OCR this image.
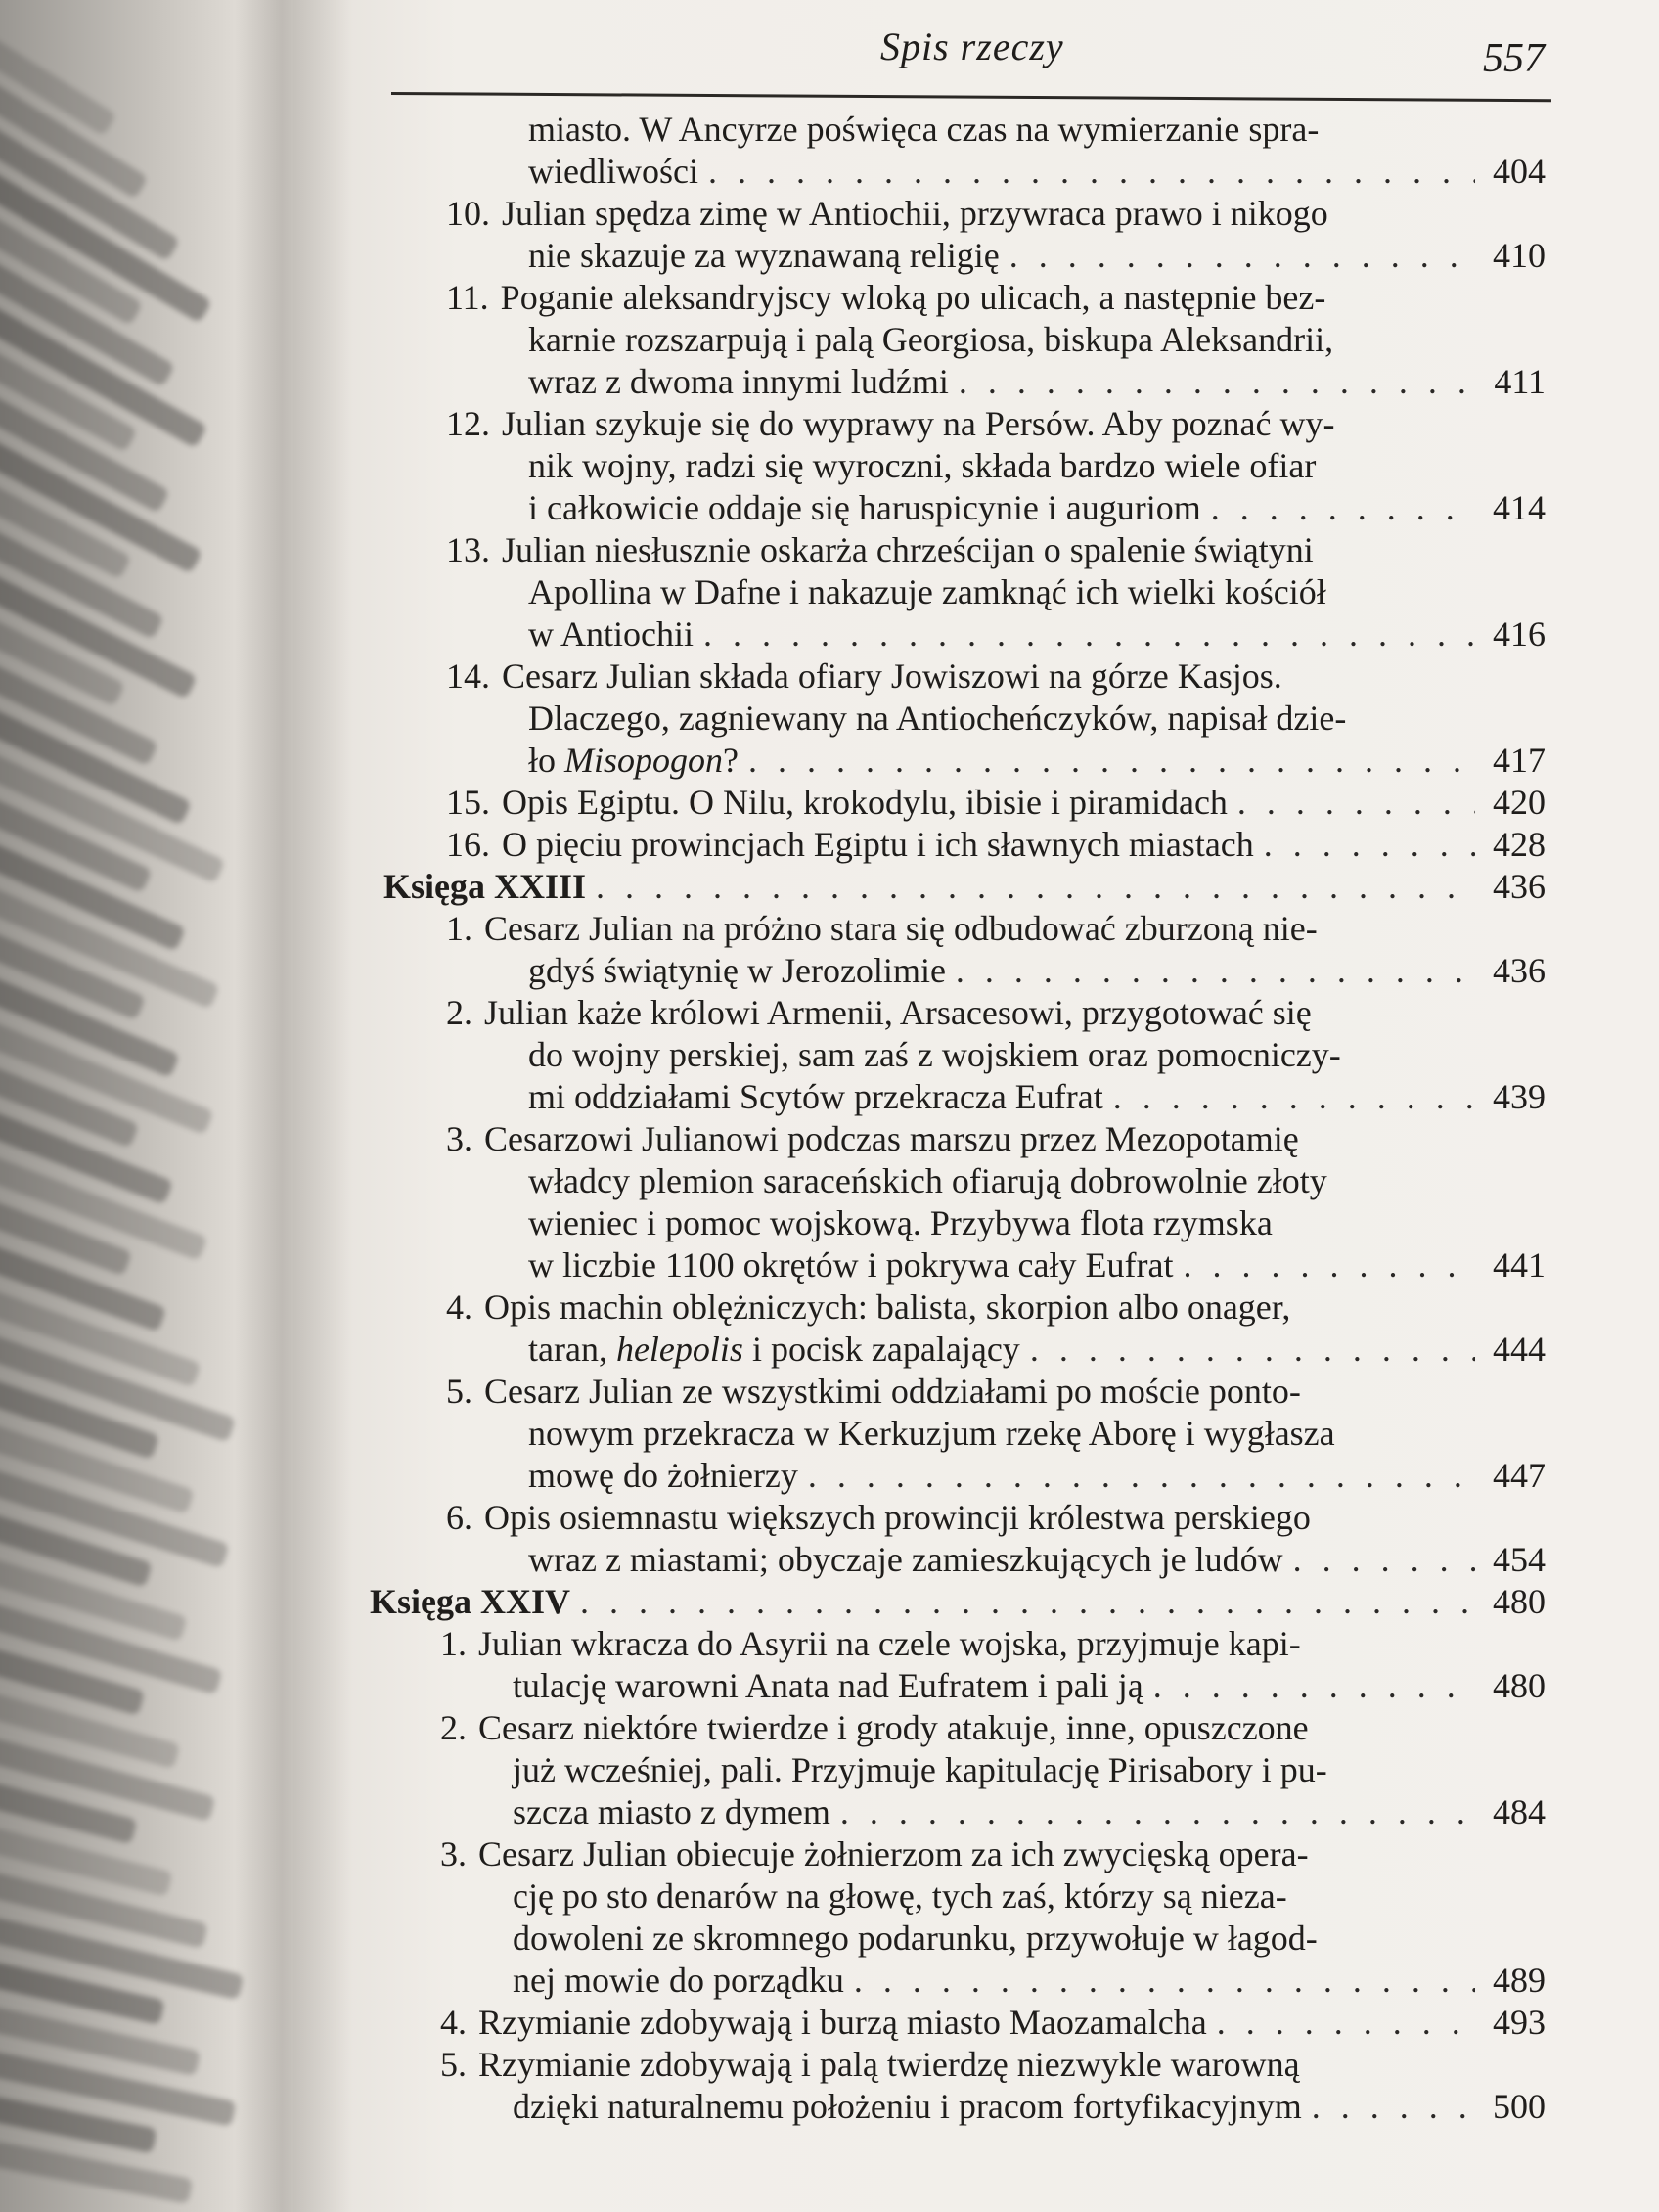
Spis rzeczy	557
miasto. W Ancyrze poświęca czas na wymierzanie spra-
wiedliwości . . .	404
10. Julian spędza zimę w Antiochii, przywraca prawo i nikogo
nie skazuje za wyznawaną religię . . .	410
11. Poganie aleksandryjscy wloką po ulicach, a następnie bez-
karnie rozszarpują i palą Georgiosa, biskupa Aleksandrii,
wraz z dwoma innymi ludźmi . . .	411
12. Julian szykuje się do wyprawy na Persów. Aby poznać wy-
nik wojny, radzi się wyroczni, składa bardzo wiele ofiar
i całkowicie oddaje się haruspicynie i auguriom . . .	414
13. Julian niesłusznie oskarża chrześcijan o spalenie świątyni
Apollina w Dafne i nakazuje zamknąć ich wielki kościół
w Antiochii . . .	416
14. Cesarz Julian składa ofiary Jowiszowi na górze Kasjos.
Dlaczego, zagniewany na Antiocheńczyków, napisał dzie-
ło Misopogon ? . . .	417
15. Opis Egiptu. O Nilu, krokodylu, ibisie i piramidach . . .	420
16. O pięciu prowincjach Egiptu i ich sławnych miastach . . .	428
Księga XXIII . . .	436
1. Cesarz Julian na próżno stara się odbudować zburzoną nie-
gdyś świątynię w Jerozolimie . . .	436
2. Julian każe królowi Armenii, Arsacesowi, przygotować się
do wojny perskiej, sam zaś z wojskiem oraz pomocniczy-
mi oddziałami Scytów przekracza Eufrat . . .	439
3. Cesarzowi Julianowi podczas marszu przez Mezopotamię
władcy plemion saraceńskich ofiarują dobrowolnie złoty
wieniec i pomoc wojskową. Przybywa flota rzymska
w liczbie 1100 okrętów i pokrywa cały Eufrat . . .	441
4. Opis machin oblężniczych: balista, skorpion albo onager,
taran, helepolis i pocisk zapalający . . .	444
5. Cesarz Julian ze wszystkimi oddziałami po moście ponto-
nowym przekracza w Kerkuzjum rzekę Aborę i wygłasza
mowę do żołnierzy . . .	447
6. Opis osiemnastu większych prowincji królestwa perskiego
wraz z miastami; obyczaje zamieszkujących je ludów . . .	454
Księga XXIV . . .	480
1. Julian wkracza do Asyrii na czele wojska, przyjmuje kapi-
tulację warowni Anata nad Eufratem i pali ją . . .	480
2. Cesarz niektóre twierdze i grody atakuje, inne, opuszczone
już wcześniej, pali. Przyjmuje kapitulację Pirisabory i pu-
szcza miasto z dymem . . .	484
3. Cesarz Julian obiecuje żołnierzom za ich zwycięską opera-
cję po sto denarów na głowę, tych zaś, którzy są nieza-
dowoleni ze skromnego podarunku, przywołuje w łagod-
nej mowie do porządku . . .	489
4. Rzymianie zdobywają i burzą miasto Maozamalcha . . .	493
5. Rzymianie zdobywają i palą twierdzę niezwykle warowną
dzięki naturalnemu położeniu i pracom fortyfikacyjnym . . .	500
